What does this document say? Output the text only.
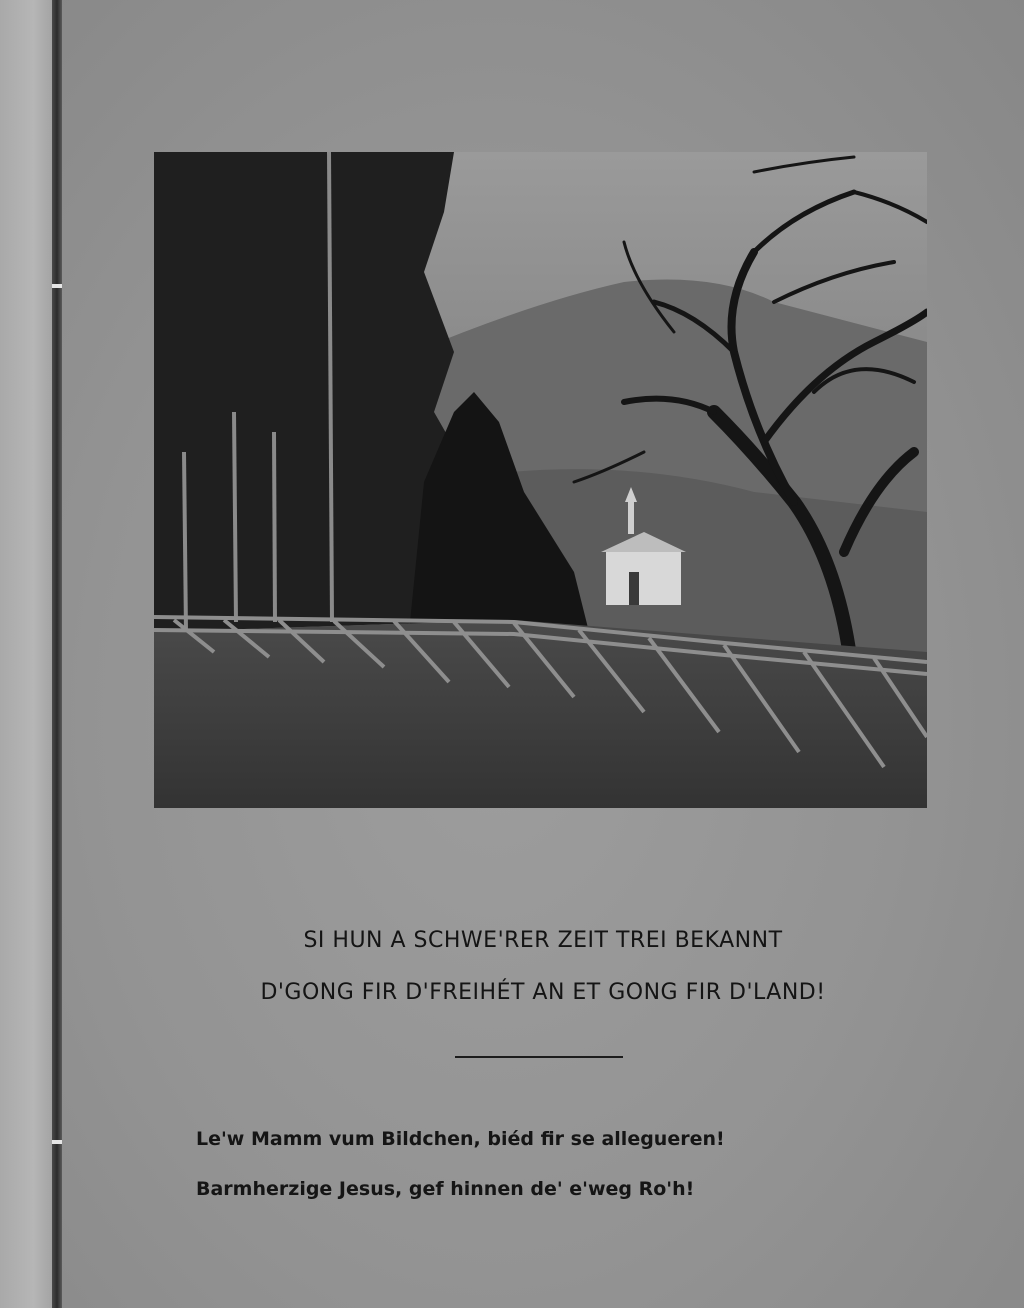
SI HUN A SCHWE'RER ZEIT TREI BEKANNT
D'GONG FIR D'FREIHÉT AN ET GONG FIR D'LAND!
Le'w Mamm vum Bildchen, biéd fir se allegueren!
Barmherzige Jesus, gef hinnen de' e'weg Ro'h!
